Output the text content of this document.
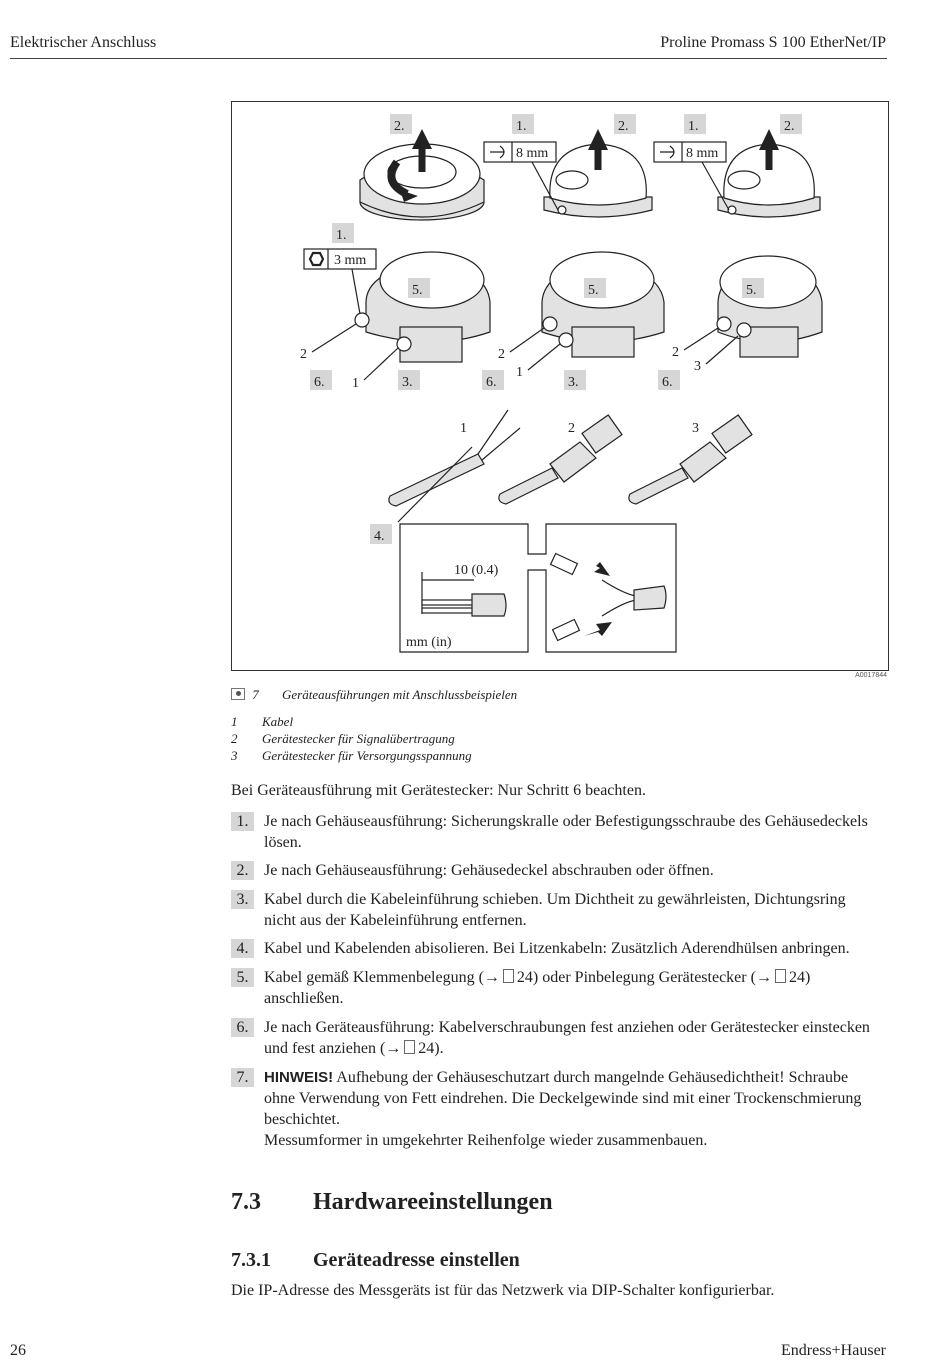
Elektrischer Anschluss	Proline Promass S 100 EtherNet/IP
2.	1.	2.	1.	2.
1.
5.	5.	5.
6.	6.	6.
3.	3.
4.
8 mm	8 mm
3 mm
2
1
2
1
2
3
1	2	3
10 (0.4)
mm (in)
A0017844
7 Geräteausführungen mit Anschlussbeispielen
1 Kabel
2 Gerätestecker für Signalübertragung
3 Gerätestecker für Versorgungsspannung
Bei Geräteausführung mit Gerätestecker: Nur Schritt 6 beachten.
1. Je nach Gehäuseausführung: Sicherungskralle oder Befestigungsschraube des Gehäusedeckels
lösen.
2. Je nach Gehäuseausführung: Gehäusedeckel abschrauben oder öffnen.
3. Kabel durch die Kabeleinführung schieben. Um Dichtheit zu gewährleisten, Dichtungsring
nicht aus der Kabeleinführung entfernen.
4. Kabel und Kabelenden abisolieren. Bei Litzenkabeln: Zusätzlich Aderendhülsen anbringen.
5. Kabel gemäß Klemmenbelegung (→ 24) oder Pinbelegung Gerätestecker (→ 24)
anschließen.
6. Je nach Geräteausführung: Kabelverschraubungen fest anziehen oder Gerätestecker einstecken
und fest anziehen (→ 24).
7.	HINWEIS! Aufhebung der Gehäuseschutzart durch mangelnde Gehäusedichtheit! Schraube
ohne Verwendung von Fett eindrehen. Die Deckelgewinde sind mit einer Trockenschmierung
beschichtet.
Messumformer in umgekehrter Reihenfolge wieder zusammenbauen.
7.3 Hardwareeinstellungen
7.3.1 Geräteadresse einstellen
Die IP-Adresse des Messgeräts ist für das Netzwerk via DIP-Schalter konfigurierbar.
26	Endress+Hauser
